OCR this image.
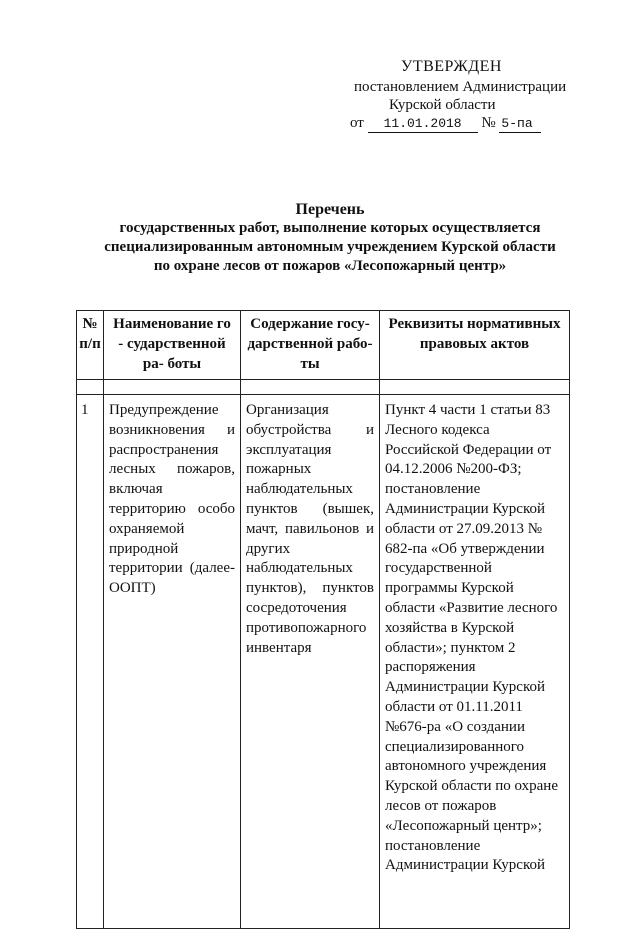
УТВЕРЖДЕН
постановлением Администрации
Курской области
от 11.01.2018 № 5-па
Перечень
государственных работ, выполнение которых осуществляется специализированным автономным учреждением Курской области по охране лесов от пожаров «Лесопожарный центр»
№ п/п	Наименование го - сударственной ра- боты	Содержание госу- дарственной рабо- ты	Реквизиты нормативных правовых актов

1	Предупреждение возникновения и распространения лесных пожаров, включая территорию особо охраняемой природной территории (далее-ООПТ)	Организация обустройства и эксплуатация пожарных наблюдательных пунктов (вышек, мачт, павильонов и других наблюдательных пунктов), пунктов сосредоточения противопожарного инвентаря	Пункт 4 части 1 статьи 83 Лесного кодекса Российской Федерации от 04.12.2006 №200-ФЗ; постановление Администрации Курской области от 27.09.2013 № 682-па «Об утверждении государственной программы Курской области «Развитие лесного хозяйства в Курской области»; пунктом 2 распоряжения Администрации Курской области от 01.11.2011 №676-ра «О создании специализированного автономного учреждения Курской области по охране лесов от пожаров «Лесопожарный центр»; постановление Администрации Курской
